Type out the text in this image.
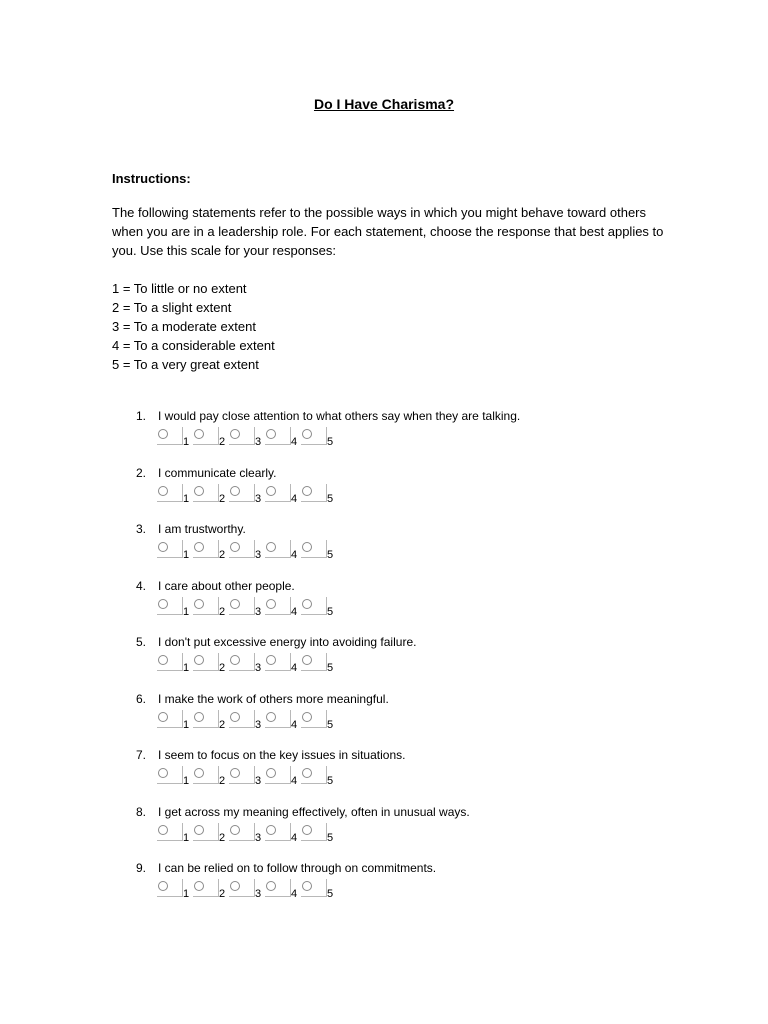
Do I Have Charisma?
Instructions:
The following statements refer to the possible ways in which you might behave toward others when you are in a leadership role. For each statement, choose the response that best applies to you. Use this scale for your responses:
1 = To little or no extent
2 = To a slight extent
3 = To a moderate extent
4 = To a considerable extent
5 = To a very great extent
1. I would pay close attention to what others say when they are talking.
1	2	3	4	5
2. I communicate clearly.
1	2	3	4	5
3. I am trustworthy.
1	2	3	4	5
4. I care about other people.
1	2	3	4	5
5. I don't put excessive energy into avoiding failure.
1	2	3	4	5
6. I make the work of others more meaningful.
1	2	3	4	5
7. I seem to focus on the key issues in situations.
1	2	3	4	5
8. I get across my meaning effectively, often in unusual ways.
1	2	3	4	5
9. I can be relied on to follow through on commitments.
1	2	3	4	5
